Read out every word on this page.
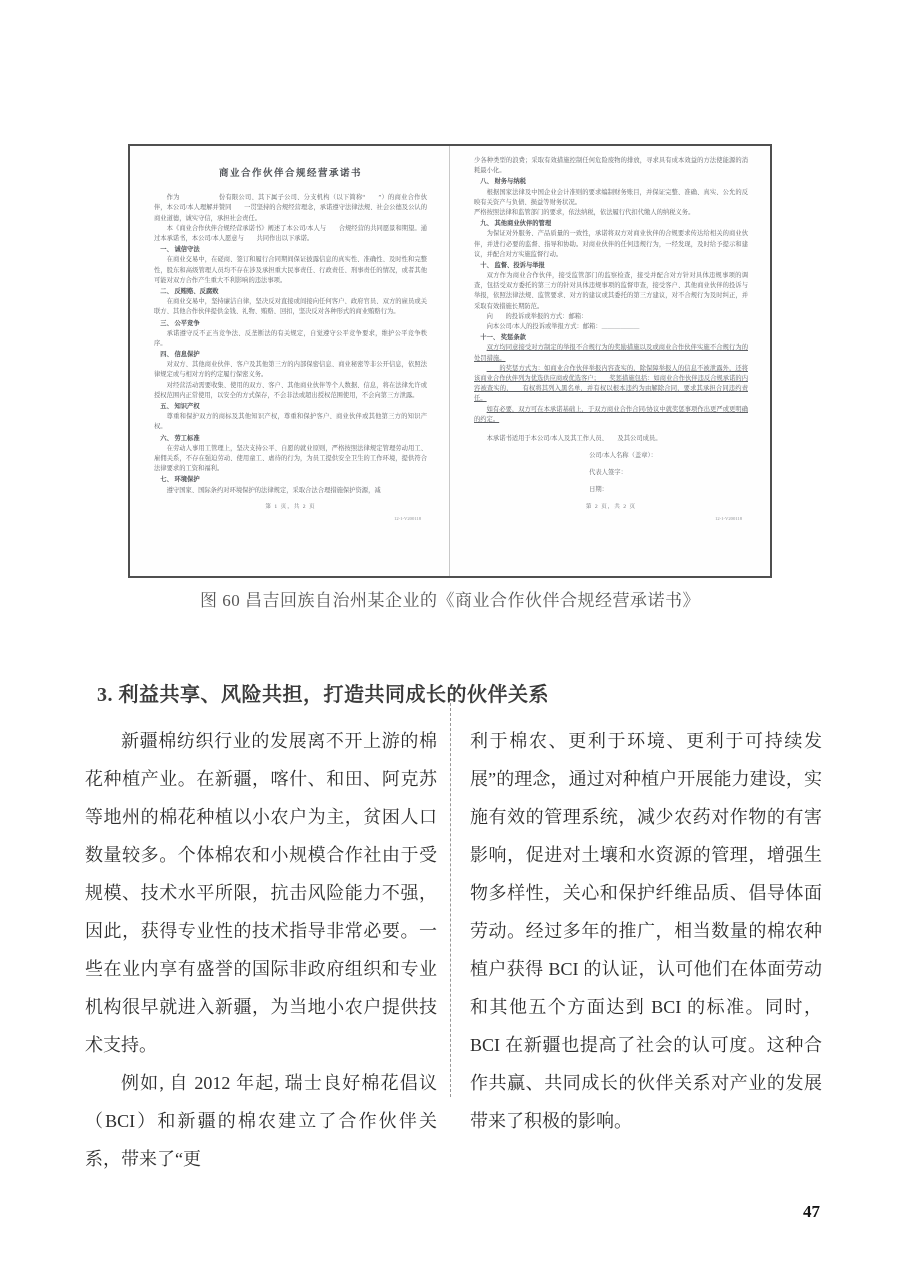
商业合作伙伴合规经营承诺书
作为　　　　　　份有限公司、其下属子公司、分支机构（以下简称“　　”）的商业合作伙伴，本公司/本人理解并赞同　　一贯坚持的合规经营理念，承诺遵守法律法规、社会公德及公认的商业道德，诚实守信，承担社会责任。
本《商业合作伙伴合规经营承诺书》阐述了本公司/本人与　　合规经营的共同愿景和期望。通过本承诺书，本公司/本人愿意与　　共同作出以下承诺。
一、 诚信守法
在商业交易中，在磋商、签订和履行合同期间保证披露信息的真实性、准确性、及时性和完整性，股东和高级管理人员均不存在涉及承担重大民事责任、行政责任、刑事责任的情况，或者其他可能对双方合作产生重大不利影响的违法事项。
二、 反贿赂、反腐败
在商业交易中，坚持廉洁自律，坚决反对直接或间接向任何客户、政府官员、双方的雇员或关联方、其他合作伙伴提供金钱、礼物、贿赂、回扣，坚决反对各种形式的商业贿赂行为。
三、 公平竞争
承诺遵守反不正当竞争法、反垄断法的有关规定，自觉遵守公平竞争要求，维护公平竞争秩序。
四、 信息保护
对双方、其他商业伙伴、客户及其他第三方的内部保密信息、商业秘密等非公开信息，依照法律规定或与相对方的约定履行保密义务。
对经营活动需要收集、使用的双方、客户、其他商业伙伴等个人数据、信息，将在法律允许或授权范围内正常使用，以安全的方式保存，不会非法或超出授权范围使用，不会向第三方泄露。
五、 知识产权
尊重和保护双方的商标及其他知识产权，尊重和保护客户、商业伙伴或其他第三方的知识产权。
六、 劳工标准
在劳动人事用工管理上，坚决支持公平、自愿的就业原则，严格按照法律规定管理劳动用工、雇佣关系，不存在强迫劳动、使用童工、虐待的行为，为员工提供安全卫生的工作环境，提供符合法律要求的工资和福利。
七、 环境保护
遵守国家、国际条约对环境保护的法律规定，采取合法合理措施保护资源，减
第 1 页，共 2 页
12-1-V200118
少各种类型的浪费；采取有效措施控制任何危险废物的排放，寻求具有成本效益的方法使能源的消耗最小化。
八、 财务与纳税
根据国家法律及中国企业会计准则的要求编制财务账目，并保证完整、准确、真实、公允的反映有关资产与负债、损益等财务状况。
严格按照法律和监管部门的要求，依法纳税，依法履行代扣代缴人的纳税义务。
九、 其他商业伙伴的管理
为保证对外服务、产品质量的一致性，承诺将双方对商业伙伴的合规要求传达给相关的商业伙伴，并进行必要的监督、指导和协助。对商业伙伴的任何违规行为，一经发现，及时给予提示和建议，并配合对方实施监督行动。
十、 监督、投诉与举报
双方作为商业合作伙伴，接受监管部门的监察检查，接受并配合对方针对具体违规事项的调查，包括受双方委托的第三方的针对具体违规事项的监督审查，接受客户、其他商业伙伴的投诉与举报，依照法律法规、监管要求、对方的建议或其委托的第三方建议，对不合规行为及时纠正，并采取有效措施长期防范。
向　　的投诉或举报的方式：邮箱：　　　　　
向本公司/本人的投诉或举报方式：邮箱：＿＿＿＿＿＿
十一、 奖惩条款
双方均同意接受对方制定的举报不合规行为的奖励措施以及或商业合作伙伴实施不合规行为的处罚措施。
　　的奖惩方式为：如商业合作伙伴举报内容查实的，除保障举报人的信息不被泄露外，还将该商业合作伙伴列为优选供应商或优选客户；　　奖惩措施包括：如商业合作伙伴违反合规承诺的内容被查实的，　　有权将其列入黑名单，并有权以根本违约为由解除合同，要求其承担合同违约责任。
如有必要，双方可在本承诺基础上，于双方商业合作合同/协议中就奖惩事项作出更严或更明确的约定。
本承诺书适用于本公司/本人及其工作人员、　　及其公司成员。
公司/本人名称（盖章）：
代表人签字：
日期：
第 2 页，共 2 页
12-1-V200118
图 60 昌吉回族自治州某企业的《商业合作伙伴合规经营承诺书》
3. 利益共享、风险共担，打造共同成长的伙伴关系

新疆棉纺织行业的发展离不开上游的棉花种植产业。在新疆，喀什、和田、阿克苏等地州的棉花种植以小农户为主，贫困人口数量较多。个体棉农和小规模合作社由于受规模、技术水平所限，抗击风险能力不强，因此，获得专业性的技术指导非常必要。一些在业内享有盛誉的国际非政府组织和专业机构很早就进入新疆，为当地小农户提供技术支持。

例如, 自 2012 年起, 瑞士良好棉花倡议（BCI）和新疆的棉农建立了合作伙伴关系，带来了“更

利于棉农、更利于环境、更利于可持续发展”的理念，通过对种植户开展能力建设，实施有效的管理系统，减少农药对作物的有害影响，促进对土壤和水资源的管理，增强生物多样性，关心和保护纤维品质、倡导体面劳动。经过多年的推广，相当数量的棉农种植户获得 BCI 的认证，认可他们在体面劳动和其他五个方面达到 BCI 的标准。同时，BCI 在新疆也提高了社会的认可度。这种合作共赢、共同成长的伙伴关系对产业的发展带来了积极的影响。

47
